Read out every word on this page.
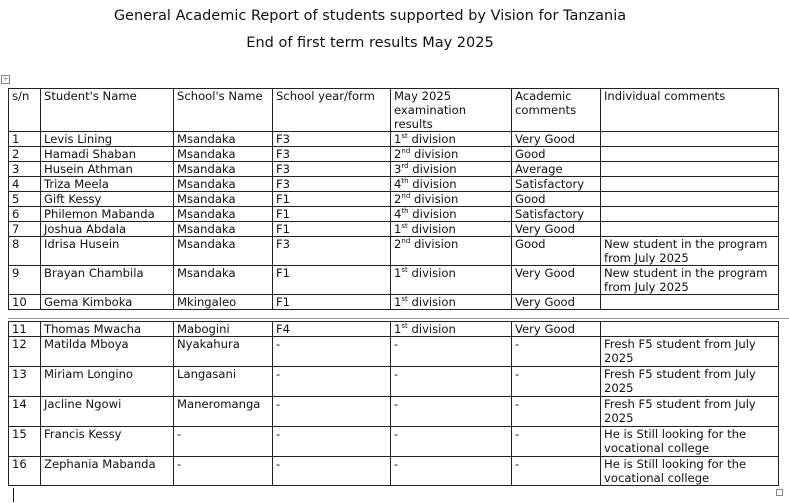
General Academic Report of students supported by Vision for Tanzania
End of first term results May 2025
+
s/n	Student's Name	School's Name	School year/form	May 2025 examination results	Academic comments	Individual comments
1	Levis Lining	Msandaka	F3	1st division	Very Good	
2	Hamadi Shaban	Msandaka	F3	2nd division	Good	
3	Husein Athman	Msandaka	F3	3rd division	Average	
4	Triza Meela	Msandaka	F3	4th division	Satisfactory	
5	Gift Kessy	Msandaka	F1	2nd division	Good	
6	Philemon Mabanda	Msandaka	F1	4th division	Satisfactory	
7	Joshua Abdala	Msandaka	F1	1st division	Very Good	
8	Idrisa Husein	Msandaka	F3	2nd division	Good	New student in the program from July 2025
9	Brayan Chambila	Msandaka	F1	1st division	Very Good	New student in the program from July 2025
10	Gema Kimboka	Mkingaleo	F1	1st division	Very Good	
11	Thomas Mwacha	Mabogini	F4	1st division	Very Good	
12	Matilda Mboya	Nyakahura	-	-	-	Fresh F5 student from July 2025
13	Miriam Longino	Langasani	-	-	-	Fresh F5 student from July 2025
14	Jacline Ngowi	Maneromanga	-	-	-	Fresh F5 student from July 2025
15	Francis Kessy	-	-	-	-	He is Still looking for the vocational college
16	Zephania Mabanda	-	-	-	-	He is Still looking for the vocational college
